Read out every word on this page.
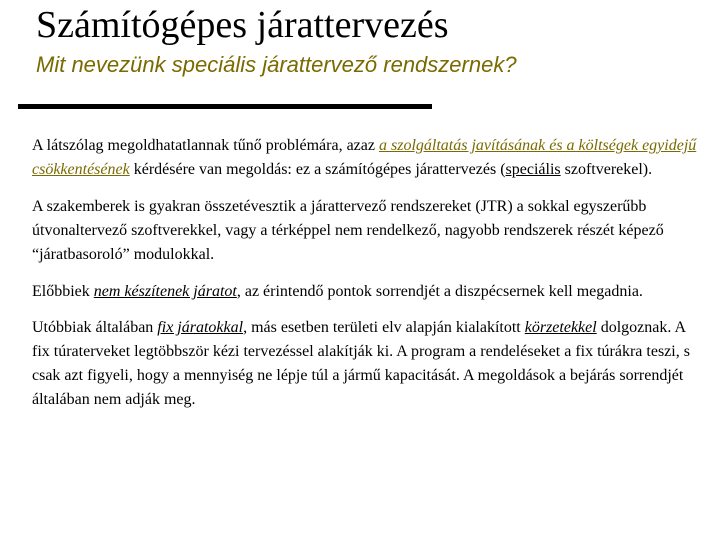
Számítógépes járattervezés

Mit nevezünk speciális járattervező rendszernek?

A látszólag megoldhatatlannak tűnő problémára, azaz a szolgáltatás javításának és a költségek egyidejű csökkentésének kérdésére van megoldás: ez a számítógépes járattervezés (speciális szoftverekel).

A szakemberek is gyakran összetévesztik a járattervező rendszereket (JTR) a sokkal egyszerűbb útvonaltervező szoftverekkel, vagy a térképpel nem rendelkező, nagyobb rendszerek részét képező “járatbasoroló” modulokkal.

Előbbiek nem készítenek járatot, az érintendő pontok sorrendjét a diszpécsernek kell megadnia.

Utóbbiak általában fix járatokkal, más esetben területi elv alapján kialakított körzetekkel dolgoznak. A fix túraterveket legtöbbször kézi tervezéssel alakítják ki. A program a rendeléseket a fix túrákra teszi, s csak azt figyeli, hogy a mennyiség ne lépje túl a jármű kapacitását. A megoldások a bejárás sorrendjét általában nem adják meg.
